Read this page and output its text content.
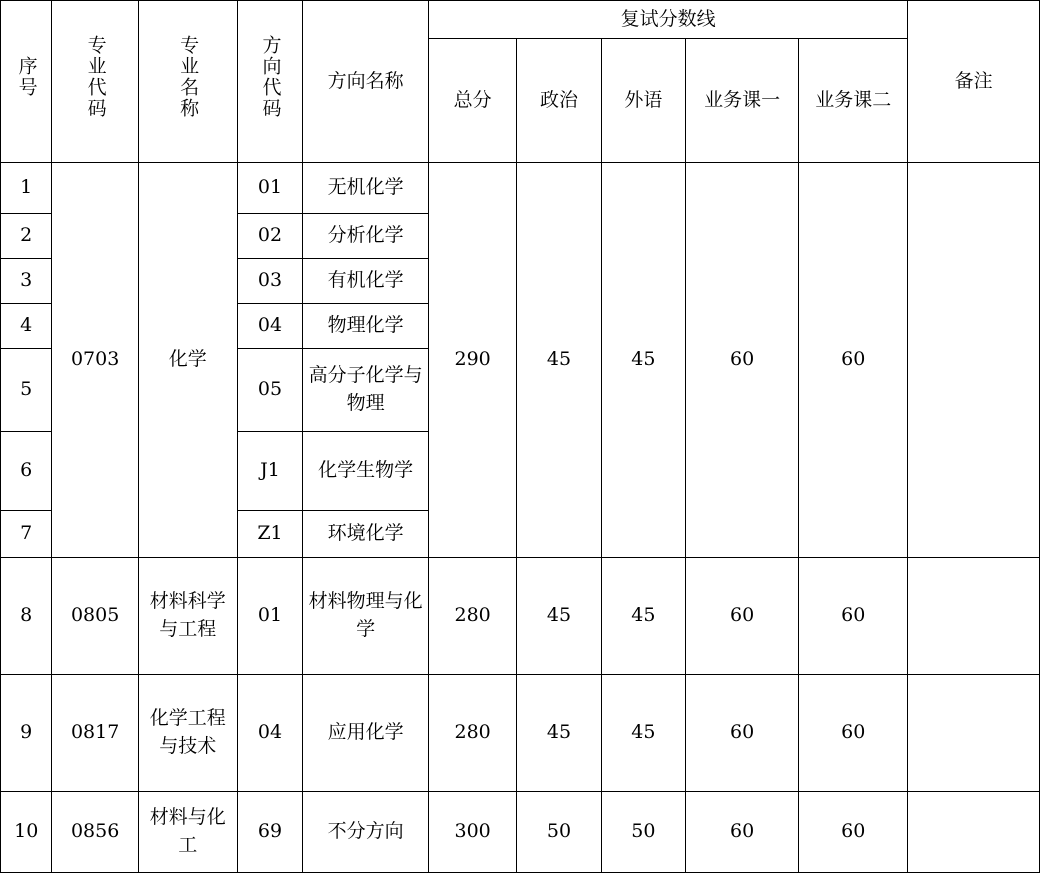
序号	专业代码	专业名称	方向代码	方向名称	复试分数线					备注
					总分	政治	外语	业务课一	业务课二	
1	0703	化学	01	无机化学	290	45	45	60	60	
2			02	分析化学						
3			03	有机化学						
4			04	物理化学						
5			05	高分子化学与物理						
6			J1	化学生物学						
7			Z1	环境化学						
8	0805	材料科学与工程	01	材料物理与化学	280	45	45	60	60	
9	0817	化学工程与技术	04	应用化学	280	45	45	60	60	
10	0856	材料与化工	69	不分方向	300	50	50	60	60	
